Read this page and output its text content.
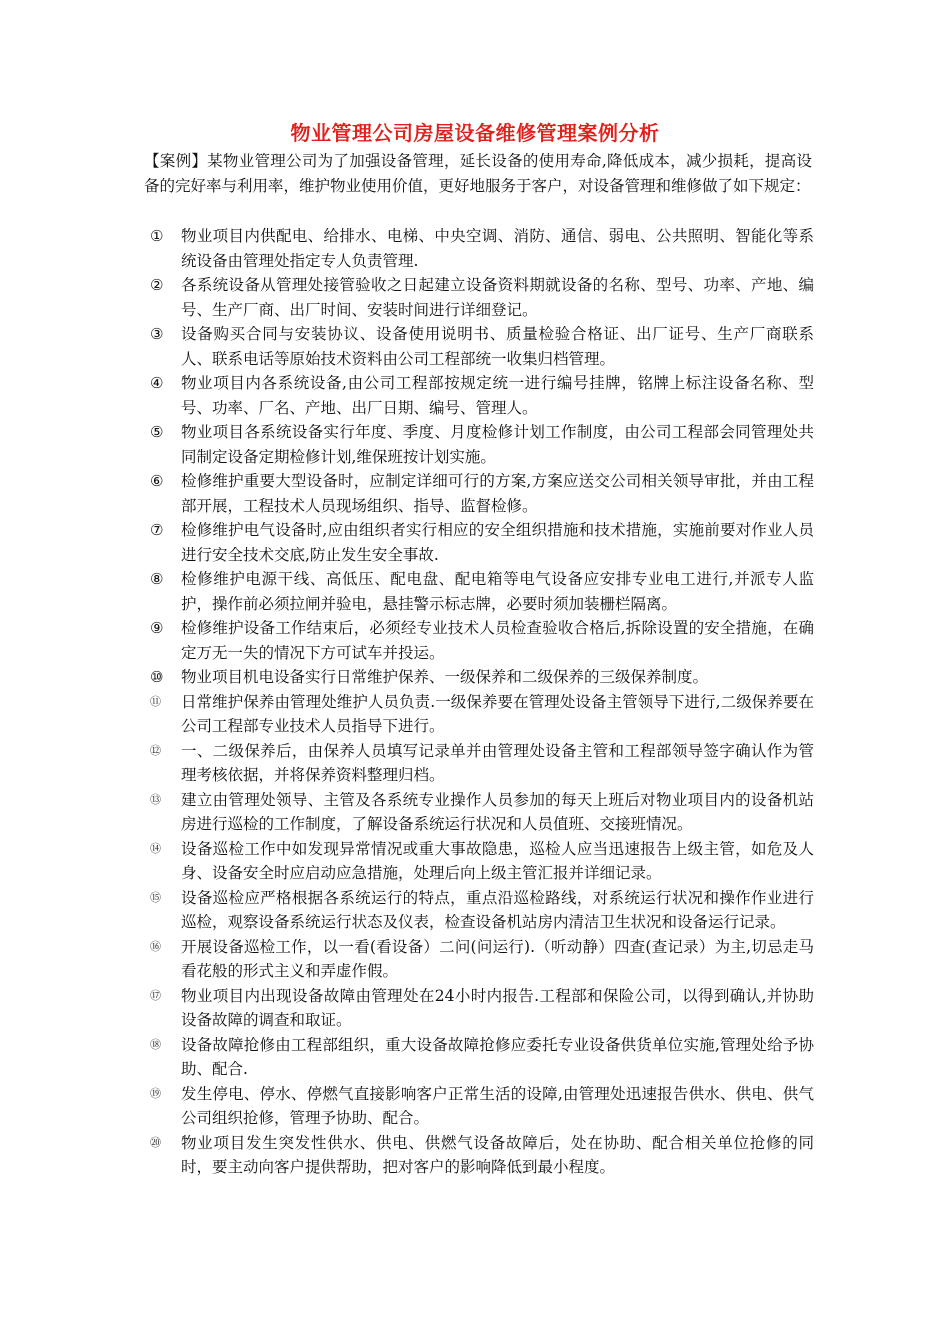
物业管理公司房屋设备维修管理案例分析
【案例】某物业管理公司为了加强设备管理，延长设备的使用寿命,降低成本，减少损耗，提高设备的完好率与利用率，维护物业使用价值，更好地服务于客户，对设备管理和维修做了如下规定：
①	物业项目内供配电、给排水、电梯、中央空调、消防、通信、弱电、公共照明、智能化等系统设备由管理处指定专人负责管理.
②	各系统设备从管理处接管验收之日起建立设备资料期就设备的名称、型号、功率、产地、编号、生产厂商、出厂时间、安装时间进行详细登记。
③	设备购买合同与安装协议、设备使用说明书、质量检验合格证、出厂证号、生产厂商联系人、联系电话等原始技术资料由公司工程部统一收集归档管理。
④	物业项目内各系统设备,由公司工程部按规定统一进行编号挂牌，铭牌上标注设备名称、型号、功率、厂名、产地、出厂日期、编号、管理人。
⑤	物业项目各系统设备实行年度、季度、月度检修计划工作制度，由公司工程部会同管理处共同制定设备定期检修计划,维保班按计划实施。
⑥	检修维护重要大型设备时，应制定详细可行的方案,方案应送交公司相关领导审批，并由工程部开展，工程技术人员现场组织、指导、监督检修。
⑦	检修维护电气设备时,应由组织者实行相应的安全组织措施和技术措施，实施前要对作业人员进行安全技术交底,防止发生安全事故.
⑧	检修维护电源干线、高低压、配电盘、配电箱等电气设备应安排专业电工进行,并派专人监护，操作前必须拉闸并验电，悬挂警示标志牌，必要时须加装栅栏隔离。
⑨	检修维护设备工作结束后，必须经专业技术人员检查验收合格后,拆除设置的安全措施，在确定万无一失的情况下方可试车并投运。
⑩	物业项目机电设备实行日常维护保养、一级保养和二级保养的三级保养制度。
⑪	日常维护保养由管理处维护人员负责.一级保养要在管理处设备主管领导下进行,二级保养要在公司工程部专业技术人员指导下进行。
⑫	一、二级保养后，由保养人员填写记录单并由管理处设备主管和工程部领导签字确认作为管理考核依据，并将保养资料整理归档。
⑬	建立由管理处领导、主管及各系统专业操作人员参加的每天上班后对物业项目内的设备机站房进行巡检的工作制度，了解设备系统运行状况和人员值班、交接班情况。
⑭	设备巡检工作中如发现异常情况或重大事故隐患，巡检人应当迅速报告上级主管，如危及人身、设备安全时应启动应急措施，处理后向上级主管汇报并详细记录。
⑮	设备巡检应严格根据各系统运行的特点，重点沿巡检路线，对系统运行状况和操作作业进行巡检，观察设备系统运行状态及仪表，检查设备机站房内清洁卫生状况和设备运行记录。
⑯	开展设备巡检工作，以一看(看设备）二问(问运行).（听动静）四查(查记录）为主,切忌走马看花般的形式主义和弄虚作假。
⑰	物业项目内出现设备故障由管理处在24小时内报告.工程部和保险公司，以得到确认,并协助设备故障的调查和取证。
⑱	设备故障抢修由工程部组织，重大设备故障抢修应委托专业设备供货单位实施,管理处给予协助、配合.
⑲	发生停电、停水、停燃气直接影响客户正常生活的设障,由管理处迅速报告供水、供电、供气公司组织抢修，管理予协助、配合。
⑳	物业项目发生突发性供水、供电、供燃气设备故障后，处在协助、配合相关单位抢修的同时，要主动向客户提供帮助，把对客户的影响降低到最小程度。
